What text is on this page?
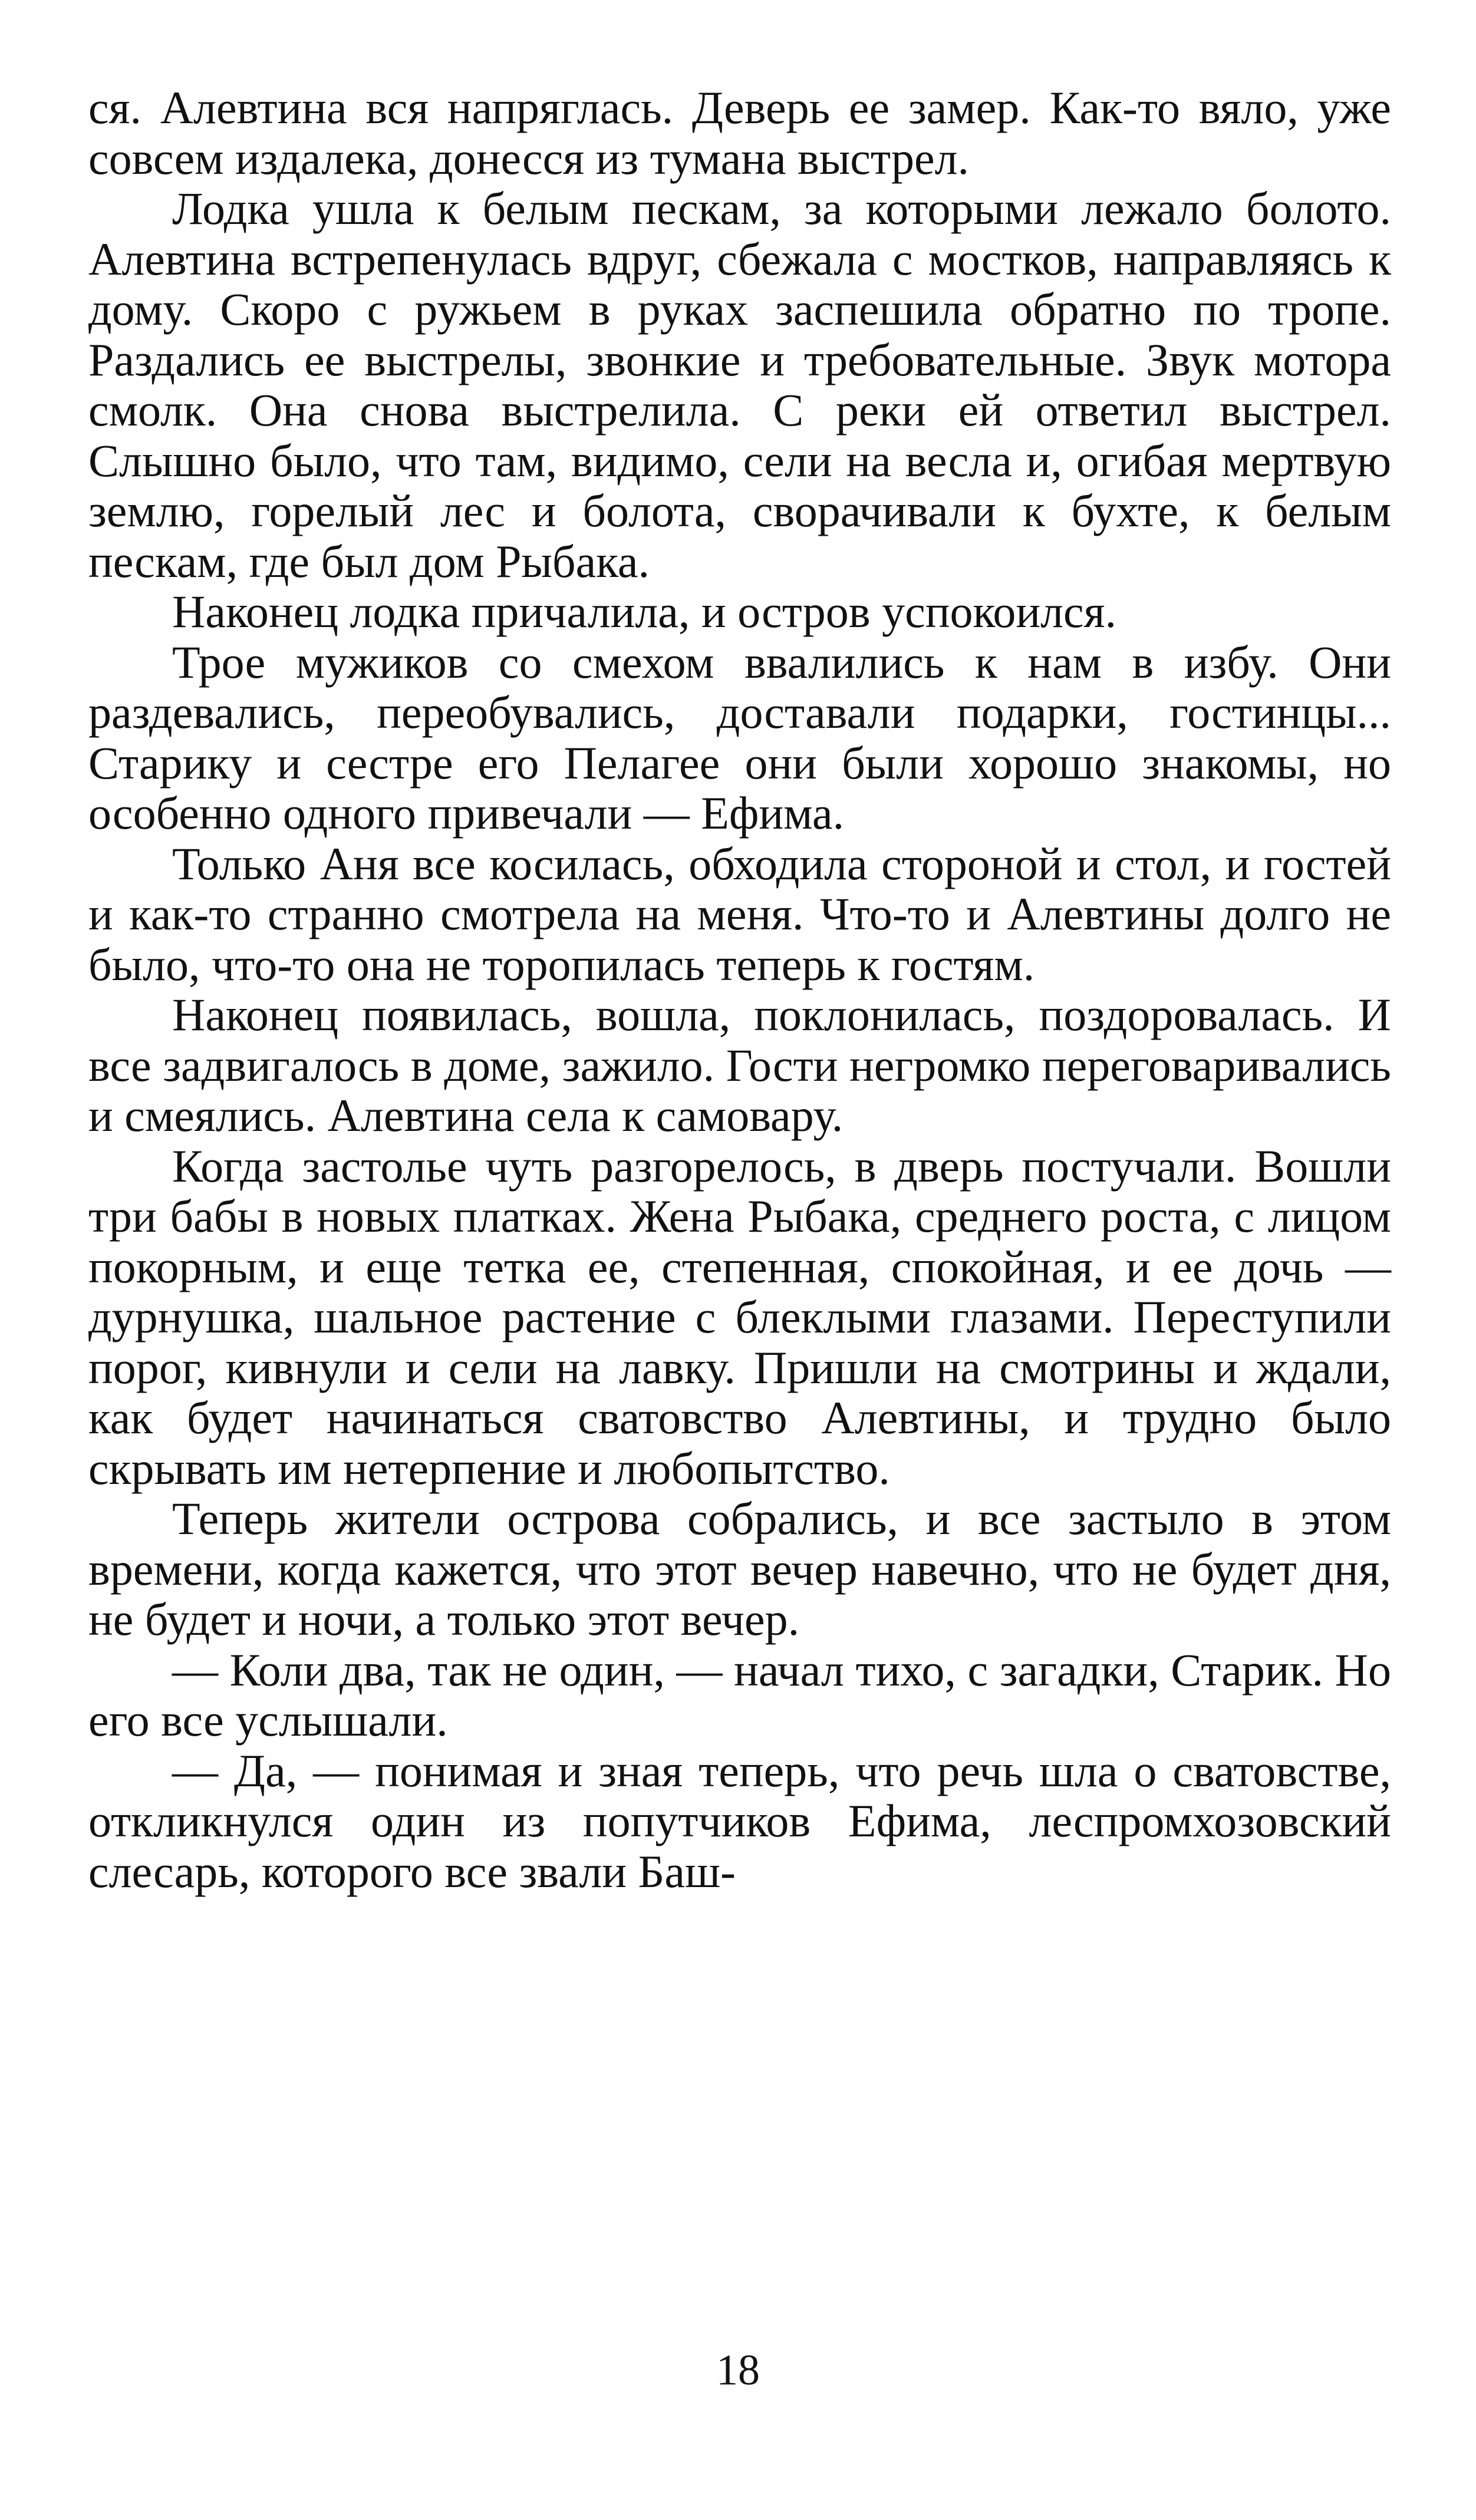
ся. Алевтина вся напряглась. Деверь ее замер. Как-то вяло, уже совсем издалека, донесся из тумана выстрел.

Лодка ушла к белым пескам, за которыми лежало болото. Алевтина встрепенулась вдруг, сбежала с мостков, направляясь к дому. Скоро с ружьем в руках заспешила обратно по тропе. Раздались ее выстрелы, звонкие и требовательные. Звук мотора смолк. Она снова выстрелила. С реки ей ответил выстрел. Слышно было, что там, видимо, сели на весла и, огибая мертвую землю, горелый лес и болота, сворачивали к бухте, к белым пескам, где был дом Рыбака.

Наконец лодка причалила, и остров успокоился.

Трое мужиков со смехом ввалились к нам в избу. Они раздевались, переобувались, доставали подарки, гостинцы... Старику и сестре его Пелагее они были хорошо знакомы, но особенно одного привечали — Ефима.

Только Аня все косилась, обходила стороной и стол, и гостей и как-то странно смотрела на меня. Что-то и Алевтины долго не было, что-то она не торопилась теперь к гостям.

Наконец появилась, вошла, поклонилась, поздоровалась. И все задвигалось в доме, зажило. Гости негромко переговаривались и смеялись. Алевтина села к самовару.

Когда застолье чуть разгорелось, в дверь постучали. Вошли три бабы в новых платках. Жена Рыбака, среднего роста, с лицом покорным, и еще тетка ее, степенная, спокойная, и ее дочь — дурнушка, шальное растение с блеклыми глазами. Переступили порог, кивнули и сели на лавку. Пришли на смотрины и ждали, как будет начинаться сватовство Алевтины, и трудно было скрывать им нетерпение и любопытство.

Теперь жители острова собрались, и все застыло в этом времени, когда кажется, что этот вечер навечно, что не будет дня, не будет и ночи, а только этот вечер.

— Коли два, так не один, — начал тихо, с загадки, Старик. Но его все услышали.

— Да, — понимая и зная теперь, что речь шла о сватовстве, откликнулся один из попутчиков Ефима, леспромхозовский слесарь, которого все звали Баш-

18
